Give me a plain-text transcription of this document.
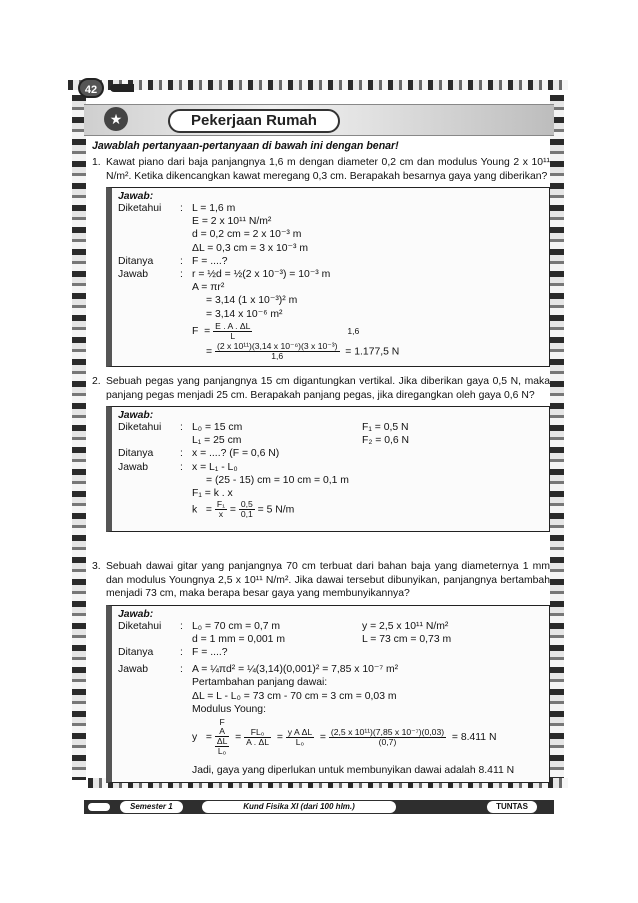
42
★	Pekerjaan Rumah
Jawablah pertanyaan-pertanyaan di bawah ini dengan benar!
1. Kawat piano dari baja panjangnya 1,6 m dengan diameter 0,2 cm dan modulus Young 2 x 10¹¹ N/m². Ketika dikencangkan kawat meregang 0,3 cm. Berapakah besarnya gaya yang diberikan?
Jawab:
Diketahui	: L = 1,6 m
E = 2 x 10¹¹ N/m²
d = 0,2 cm = 2 x 10⁻³ m
ΔL = 0,3 cm = 3 x 10⁻³ m
Ditanya	: F = ....?
Jawab	: r = ½d = ½(2 x 10⁻³) = 10⁻³ m
A = πr²
= 3,14 (1 x 10⁻³)² m
= 3,14 x 10⁻⁶ m²
$F = \frac{E . A . \Delta L}{L}$	1,6
= $\frac{\text{(2 x 10¹¹)(3,14 x 10⁻⁶)(3 x 10⁻³)}}{1,6} = 1.177,5$ N
2. Sebuah pegas yang panjangnya 15 cm digantungkan vertikal. Jika diberikan gaya 0,5 N, maka panjang pegas menjadi 25 cm. Berapakah panjang pegas, jika diregangkan oleh gaya 0,6 N?
Jawab:
Diketahui	: L₀ = 15 cm	F₁ = 0,5 N
L₁ = 25 cm	F₂ = 0,6 N
Ditanya	: x = ....? (F = 0,6 N)
Jawab	: x = L₁ - L₀
= (25 - 15) cm = 10 cm = 0,1 m
F₁ = k . x
$k = \frac{\text{F₁}}{x} = \frac{0,5}{0,1} = 5$ N/m
3. Sebuah dawai gitar yang panjangnya 70 cm terbuat dari bahan baja yang diameternya 1 mm dan modulus Youngnya 2,5 x 10¹¹ N/m². Jika dawai tersebut dibunyikan, panjangnya bertambah menjadi 73 cm, maka berapa besar gaya yang membunyikannya?
Jawab:
Diketahui	: L₀ = 70 cm = 0,7 m	y = 2,5 x 10¹¹ N/m²
d = 1 mm = 0,001 m	L = 73 cm = 0,73 m
Ditanya	: F = ....?
Jawab	: A = ¼πd² = ¼(3,14)(0,001)² = 7,85 x 10⁻⁷ m²
Pertambahan panjang dawai:
ΔL = L - L₀ = 73 cm - 70 cm = 3 cm = 0,03 m
Modulus Young:
y   =
F
A
ΔL
L₀
= $\frac{\text{FL₀}}{A . \Delta L} = \frac{\text{y A ΔL}}{\text{L₀}} = \frac{\text{(2,5 x 10¹¹)(7,85 x 10⁻⁷)(0,03)}}{(0,7)} = 8.411$ N
Jadi, gaya yang diperlukan untuk membunyikan dawai adalah 8.411 N
Semester 1	Kund Fisika XI (dari 100 hlm.)	TUNTAS
